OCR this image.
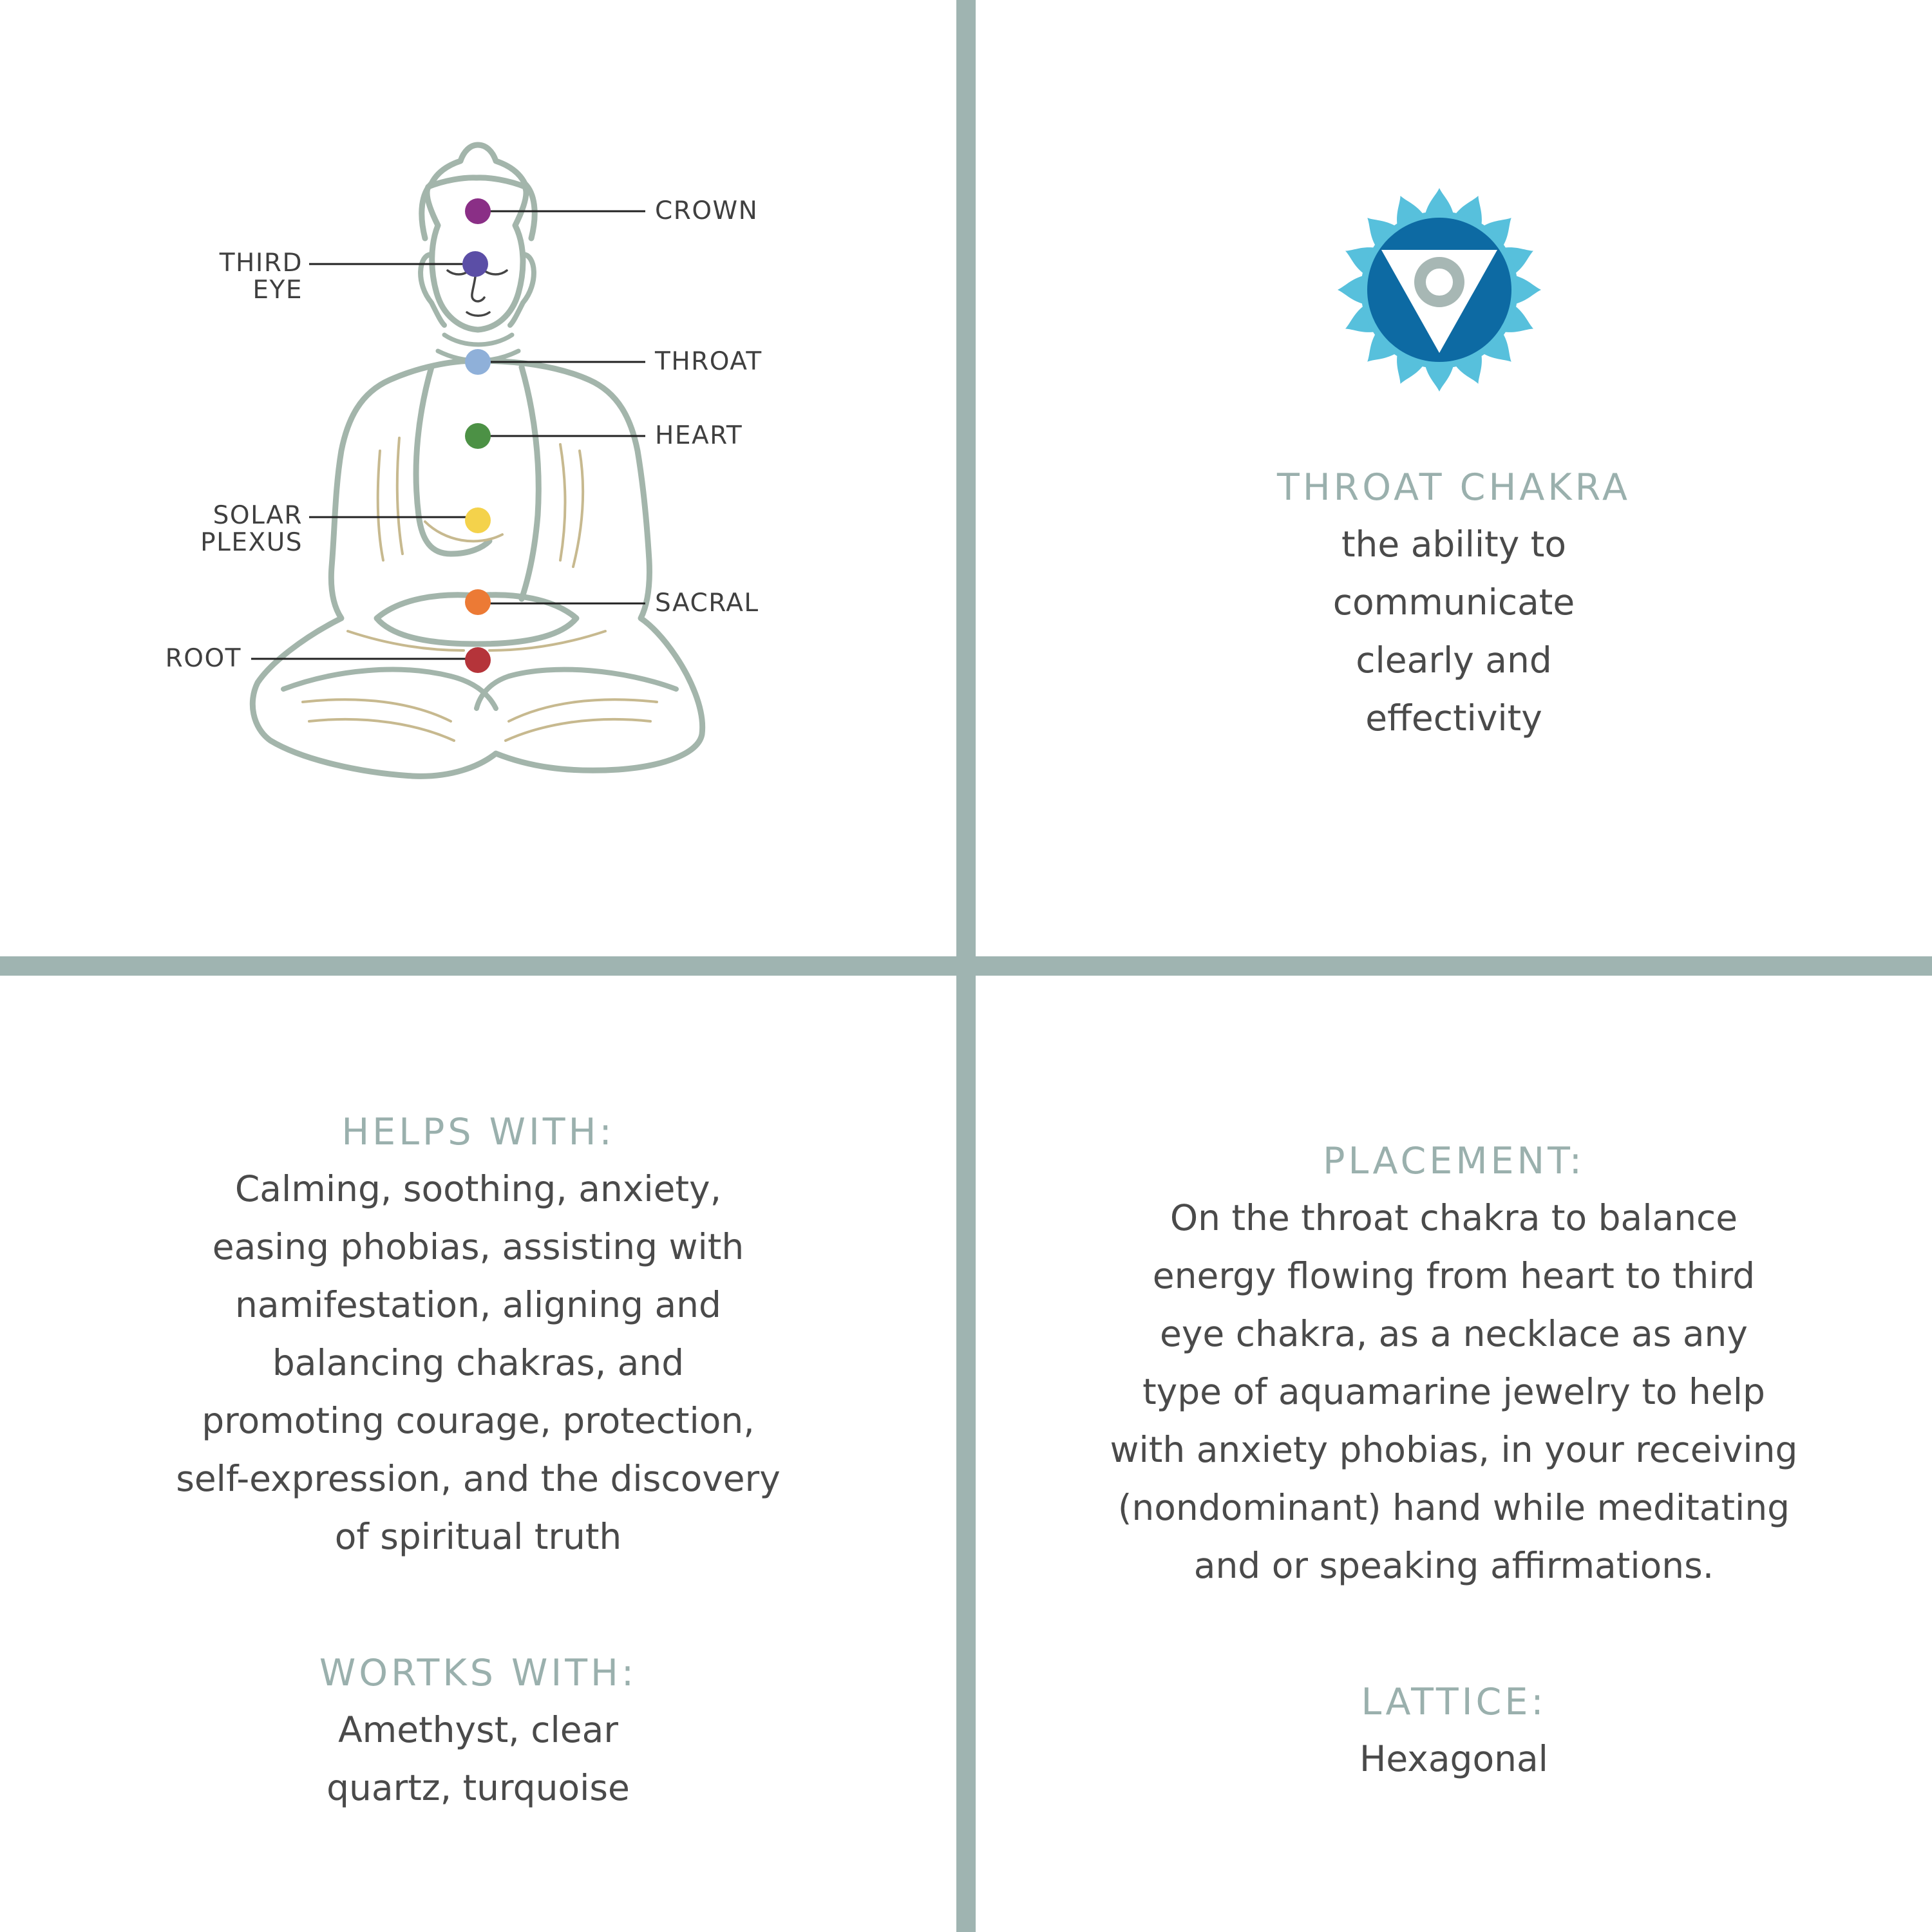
CROWN
THIRD
EYE
THROAT
HEART
SOLAR
PLEXUS
SACRAL
ROOT

THROAT CHAKRA

the ability to

communicate

clearly and

effectivity

HELPS WITH:

Calming, soothing, anxiety,

easing phobias, assisting with

namifestation, aligning and

balancing chakras, and

promoting courage, protection,

self-expression, and the discovery

of spiritual truth

WORTKS WITH:

Amethyst, clear

quartz, turquoise

PLACEMENT:

On the throat chakra to balance

energy flowing from heart to third

eye chakra, as a necklace as any

type of aquamarine jewelry to help

with anxiety phobias, in your receiving

(nondominant) hand while meditating

and or speaking affirmations.

LATTICE:

Hexagonal
